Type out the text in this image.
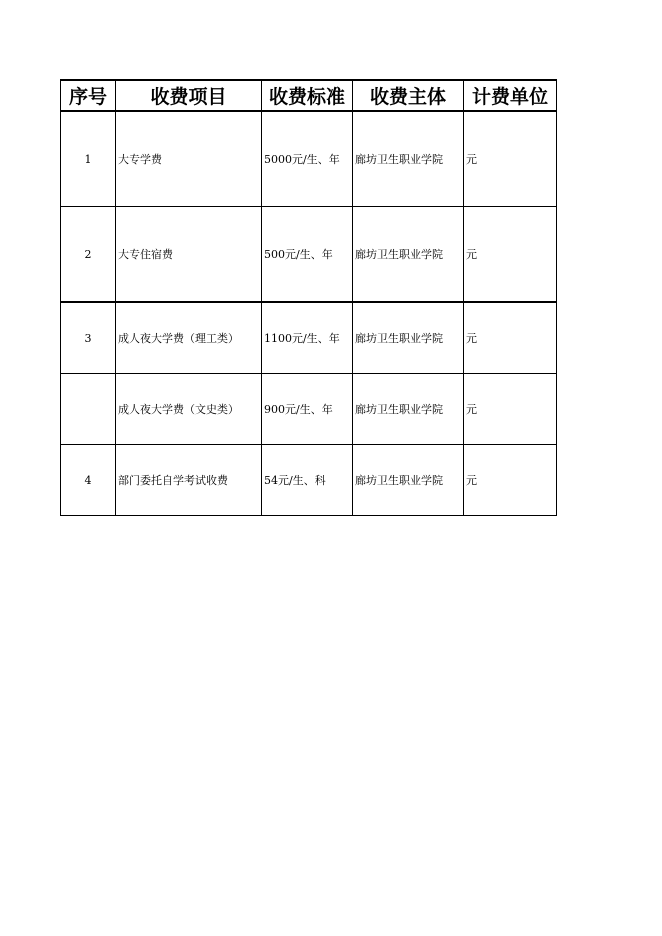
序号	收费项目	收费标准	收费主体	计费单位
1	大专学费	5000元/生、年	廊坊卫生职业学院	元
2	大专住宿费	500元/生、年	廊坊卫生职业学院	元
3	成人夜大学费（理工类）	1100元/生、年	廊坊卫生职业学院	元
	成人夜大学费（文史类）	900元/生、年	廊坊卫生职业学院	元
4	部门委托自学考试收费	54元/生、科	廊坊卫生职业学院	元
